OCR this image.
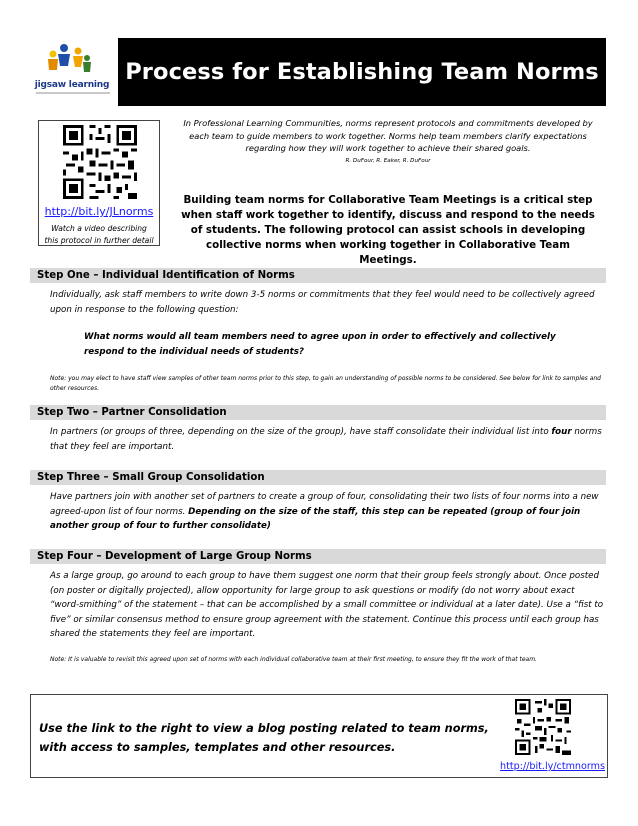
jigsaw learning Process for Establishing Team Norms
http://bit.ly/JLnorms
Watch a video describing this protocol in further detail
In Professional Learning Communities, norms represent protocols and commitments developed by each team to guide members to work together. Norms help team members clarify expectations regarding how they will work together to achieve their shared goals.
R. DuFour, R. Eaker, R. DuFour
Building team norms for Collaborative Team Meetings is a critical step when staff work together to identify, discuss and respond to the needs of students. The following protocol can assist schools in developing collective norms when working together in Collaborative Team Meetings.
Step One – Individual Identification of Norms
Individually, ask staff members to write down 3-5 norms or commitments that they feel would need to be collectively agreed upon in response to the following question:
What norms would all team members need to agree upon in order to effectively and collectively respond to the individual needs of students?
Note: you may elect to have staff view samples of other team norms prior to this step, to gain an understanding of possible norms to be considered. See below for link to samples and other resources.
Step Two – Partner Consolidation
In partners (or groups of three, depending on the size of the group), have staff consolidate their individual list into four norms that they feel are important.
Step Three – Small Group Consolidation
Have partners join with another set of partners to create a group of four, consolidating their two lists of four norms into a new agreed-upon list of four norms. Depending on the size of the staff, this step can be repeated (group of four join another group of four to further consolidate)
Step Four – Development of Large Group Norms
As a large group, go around to each group to have them suggest one norm that their group feels strongly about. Once posted (on poster or digitally projected), allow opportunity for large group to ask questions or modify (do not worry about exact “word-smithing” of the statement – that can be accomplished by a small committee or individual at a later date). Use a “fist to five” or similar consensus method to ensure group agreement with the statement. Continue this process until each group has shared the statements they feel are important.
Note: It is valuable to revisit this agreed upon set of norms with each individual collaborative team at their first meeting, to ensure they fit the work of that team.
Use the link to the right to view a blog posting related to team norms, with access to samples, templates and other resources.
http://bit.ly/ctmnorms
